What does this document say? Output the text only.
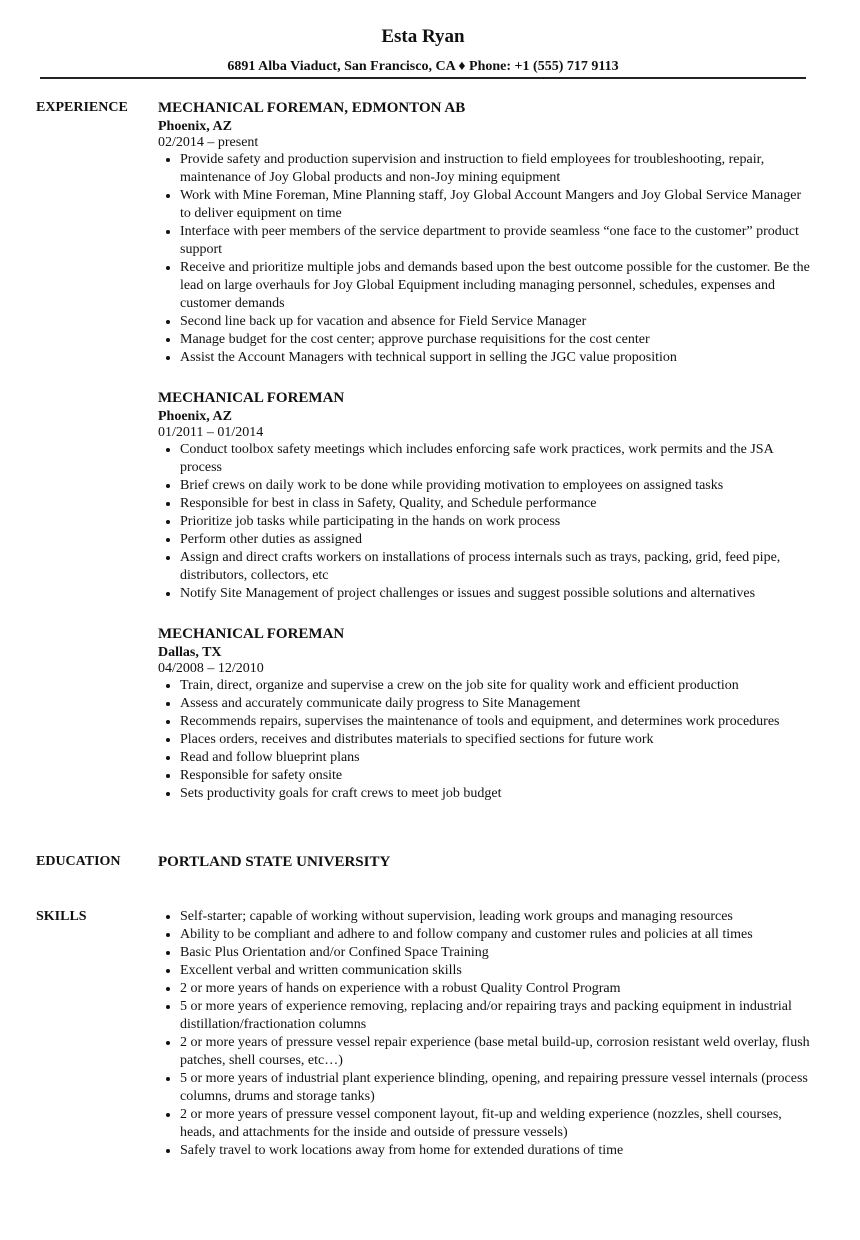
Esta Ryan
6891 Alba Viaduct, San Francisco, CA ♦ Phone: +1 (555) 717 9113
EXPERIENCE MECHANICAL FOREMAN, EDMONTON AB
Phoenix, AZ
02/2014 – present
• Provide safety and production supervision and instruction to field employees for troubleshooting, repair, maintenance of Joy Global products and non-Joy mining equipment
• Work with Mine Foreman, Mine Planning staff, Joy Global Account Mangers and Joy Global Service Manager to deliver equipment on time
• Interface with peer members of the service department to provide seamless “one face to the customer” product support
• Receive and prioritize multiple jobs and demands based upon the best outcome possible for the customer. Be the lead on large overhauls for Joy Global Equipment including managing personnel, schedules, expenses and customer demands
• Second line back up for vacation and absence for Field Service Manager
• Manage budget for the cost center; approve purchase requisitions for the cost center
• Assist the Account Managers with technical support in selling the JGC value proposition
MECHANICAL FOREMAN
Phoenix, AZ
01/2011 – 01/2014
• Conduct toolbox safety meetings which includes enforcing safe work practices, work permits and the JSA process
• Brief crews on daily work to be done while providing motivation to employees on assigned tasks
• Responsible for best in class in Safety, Quality, and Schedule performance
• Prioritize job tasks while participating in the hands on work process
• Perform other duties as assigned
• Assign and direct crafts workers on installations of process internals such as trays, packing, grid, feed pipe, distributors, collectors, etc
• Notify Site Management of project challenges or issues and suggest possible solutions and alternatives
MECHANICAL FOREMAN
Dallas, TX
04/2008 – 12/2010
• Train, direct, organize and supervise a crew on the job site for quality work and efficient production
• Assess and accurately communicate daily progress to Site Management
• Recommends repairs, supervises the maintenance of tools and equipment, and determines work procedures
• Places orders, receives and distributes materials to specified sections for future work
• Read and follow blueprint plans
• Responsible for safety onsite
• Sets productivity goals for craft crews to meet job budget
EDUCATION PORTLAND STATE UNIVERSITY
SKILLS
•	Self-starter; capable of working without supervision, leading work groups and managing resources
• Ability to be compliant and adhere to and follow company and customer rules and policies at all times
• Basic Plus Orientation and/or Confined Space Training
• Excellent verbal and written communication skills
• 2 or more years of hands on experience with a robust Quality Control Program
• 5 or more years of experience removing, replacing and/or repairing trays and packing equipment in industrial distillation/fractionation columns
• 2 or more years of pressure vessel repair experience (base metal build-up, corrosion resistant weld overlay, flush patches, shell courses, etc…)
• 5 or more years of industrial plant experience blinding, opening, and repairing pressure vessel internals (process columns, drums and storage tanks)
• 2 or more years of pressure vessel component layout, fit-up and welding experience (nozzles, shell courses, heads, and attachments for the inside and outside of pressure vessels)
• Safely travel to work locations away from home for extended durations of time
